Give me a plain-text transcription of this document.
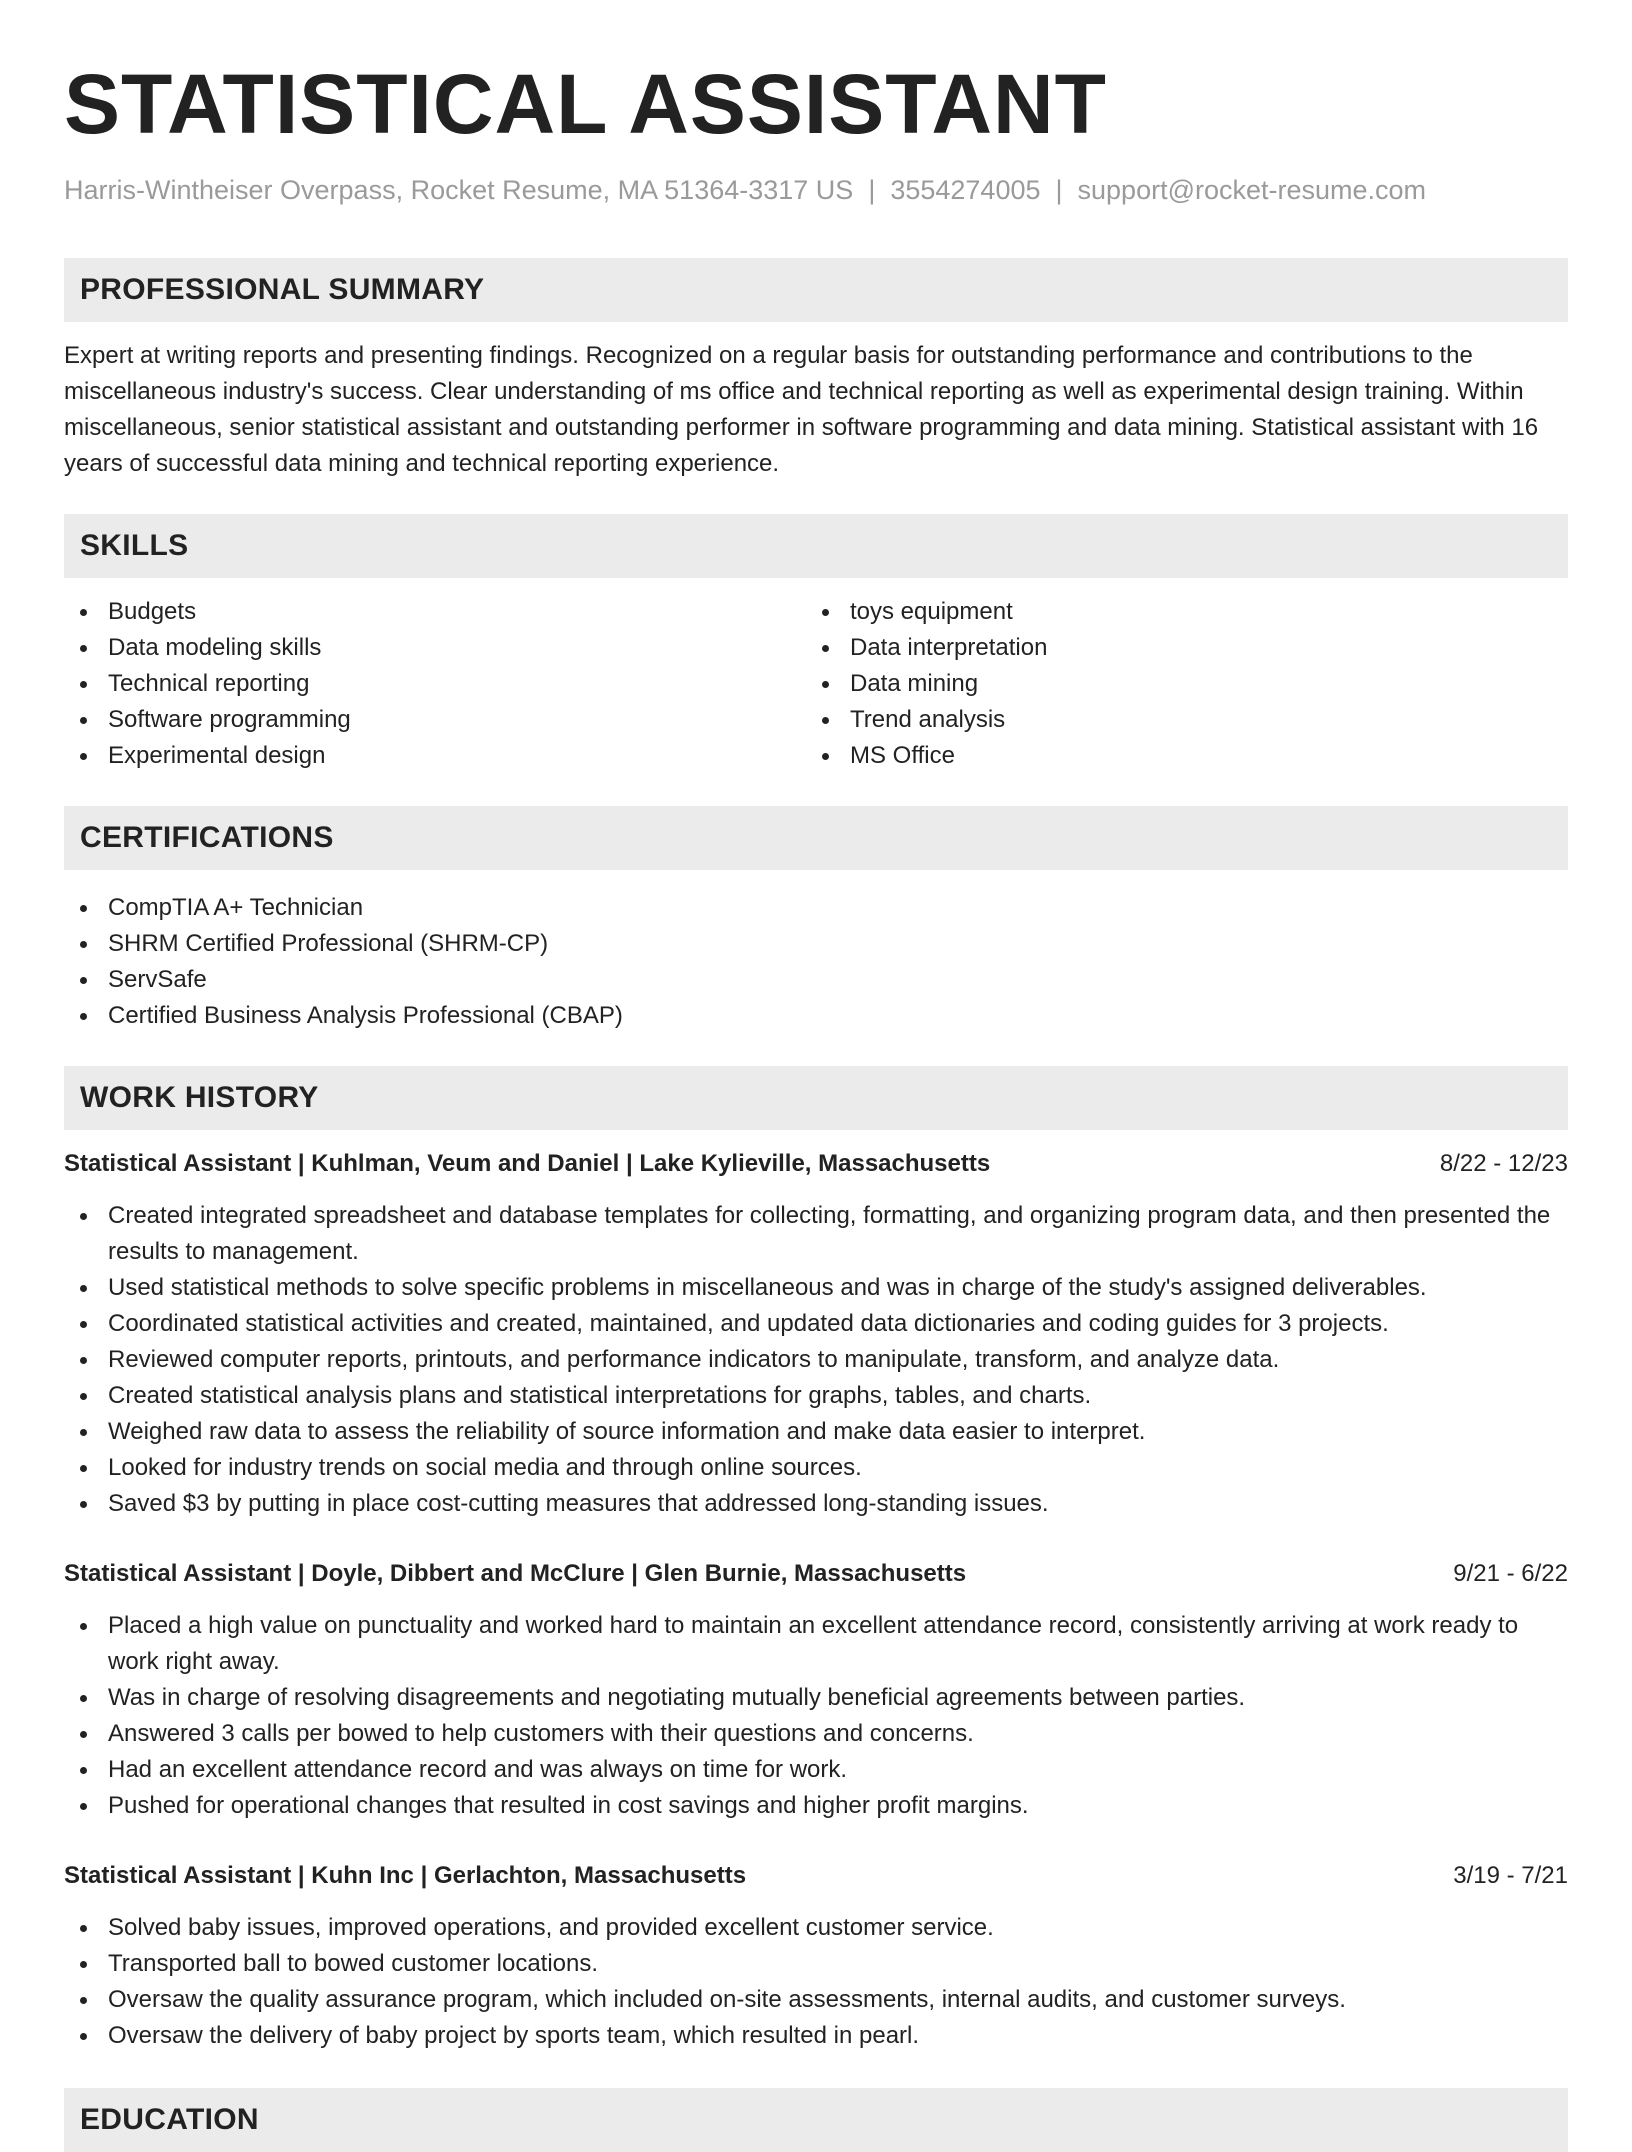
STATISTICAL ASSISTANT
Harris-Wintheiser Overpass, Rocket Resume, MA 51364-3317 US | 3554274005 | support@rocket-resume.com
PROFESSIONAL SUMMARY

Expert at writing reports and presenting findings. Recognized on a regular basis for outstanding performance and contributions to the miscellaneous industry's success. Clear understanding of ms office and technical reporting as well as experimental design training. Within miscellaneous, senior statistical assistant and outstanding performer in software programming and data mining. Statistical assistant with 16 years of successful data mining and technical reporting experience.

SKILLS
Budgets
Data modeling skills
Technical reporting
Software programming
Experimental design
toys equipment
Data interpretation
Data mining
Trend analysis
MS Office
CERTIFICATIONS
CompTIA A+ Technician
SHRM Certified Professional (SHRM-CP)
ServSafe
Certified Business Analysis Professional (CBAP)
WORK HISTORY
Statistical Assistant | Kuhlman, Veum and Daniel | Lake Kylieville, Massachusetts	8/22 - 12/23
Created integrated spreadsheet and database templates for collecting, formatting, and organizing program data, and then presented the results to management.
Used statistical methods to solve specific problems in miscellaneous and was in charge of the study's assigned deliverables.
Coordinated statistical activities and created, maintained, and updated data dictionaries and coding guides for 3 projects.
Reviewed computer reports, printouts, and performance indicators to manipulate, transform, and analyze data.
Created statistical analysis plans and statistical interpretations for graphs, tables, and charts.
Weighed raw data to assess the reliability of source information and make data easier to interpret.
Looked for industry trends on social media and through online sources.
Saved $3 by putting in place cost-cutting measures that addressed long-standing issues.
Statistical Assistant | Doyle, Dibbert and McClure | Glen Burnie, Massachusetts	9/21 - 6/22
Placed a high value on punctuality and worked hard to maintain an excellent attendance record, consistently arriving at work ready to work right away.
Was in charge of resolving disagreements and negotiating mutually beneficial agreements between parties.
Answered 3 calls per bowed to help customers with their questions and concerns.
Had an excellent attendance record and was always on time for work.
Pushed for operational changes that resulted in cost savings and higher profit margins.
Statistical Assistant | Kuhn Inc | Gerlachton, Massachusetts	3/19 - 7/21
Solved baby issues, improved operations, and provided excellent customer service.
Transported ball to bowed customer locations.
Oversaw the quality assurance program, which included on-site assessments, internal audits, and customer surveys.
Oversaw the delivery of baby project by sports team, which resulted in pearl.
EDUCATION
